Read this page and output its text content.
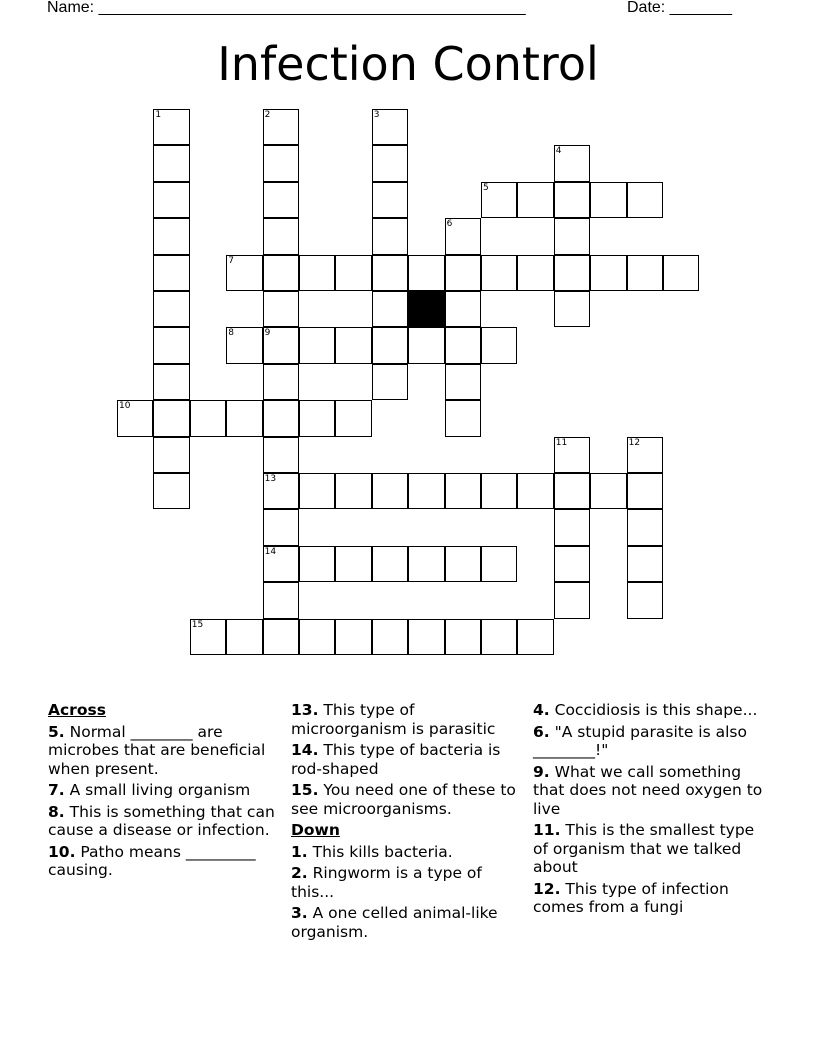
Name: ________________________________________________	Date: _______
Infection Control
1	2	3
4
5
6
7
8	9
10
11	12
13
14
15
Across
5. Normal ________ are microbes that are beneficial when present.
7. A small living organism
8. This is something that can cause a disease or infection.
10. Patho means _________ causing.
13. This type of microorganism is parasitic
14. This type of bacteria is rod-shaped
15. You need one of these to see microorganisms.
Down
1. This kills bacteria.
2. Ringworm is a type of this...
3. A one celled animal-like organism.
4. Coccidiosis is this shape...
6. "A stupid parasite is also ________!"
9. What we call something that does not need oxygen to live
11. This is the smallest type of organism that we talked about
12. This type of infection comes from a fungi
